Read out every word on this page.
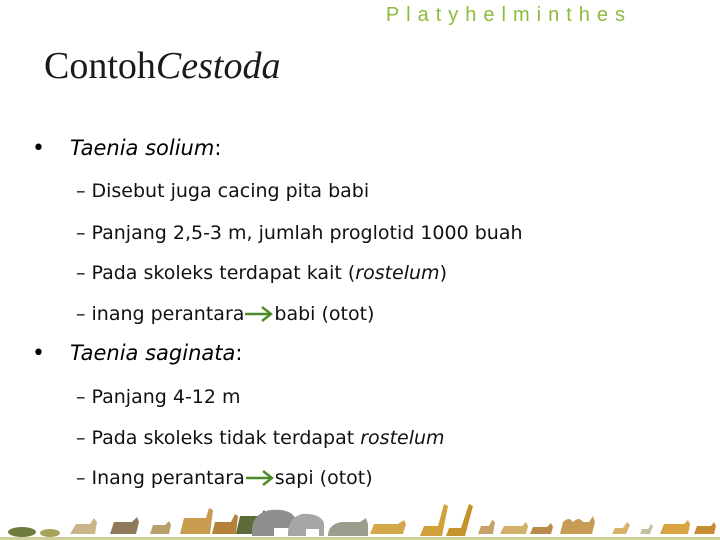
Platyhelminthes
ContohCestoda
• Taenia solium:
– Disebut juga cacing pita babi
– Panjang 2,5-3 m, jumlah proglotid 1000 buah
– Pada skoleks terdapat kait (rostelum)
– inang perantara babi (otot)
• Taenia saginata:
– Panjang 4-12 m
– Pada skoleks tidak terdapat rostelum
– Inang perantara sapi (otot)
